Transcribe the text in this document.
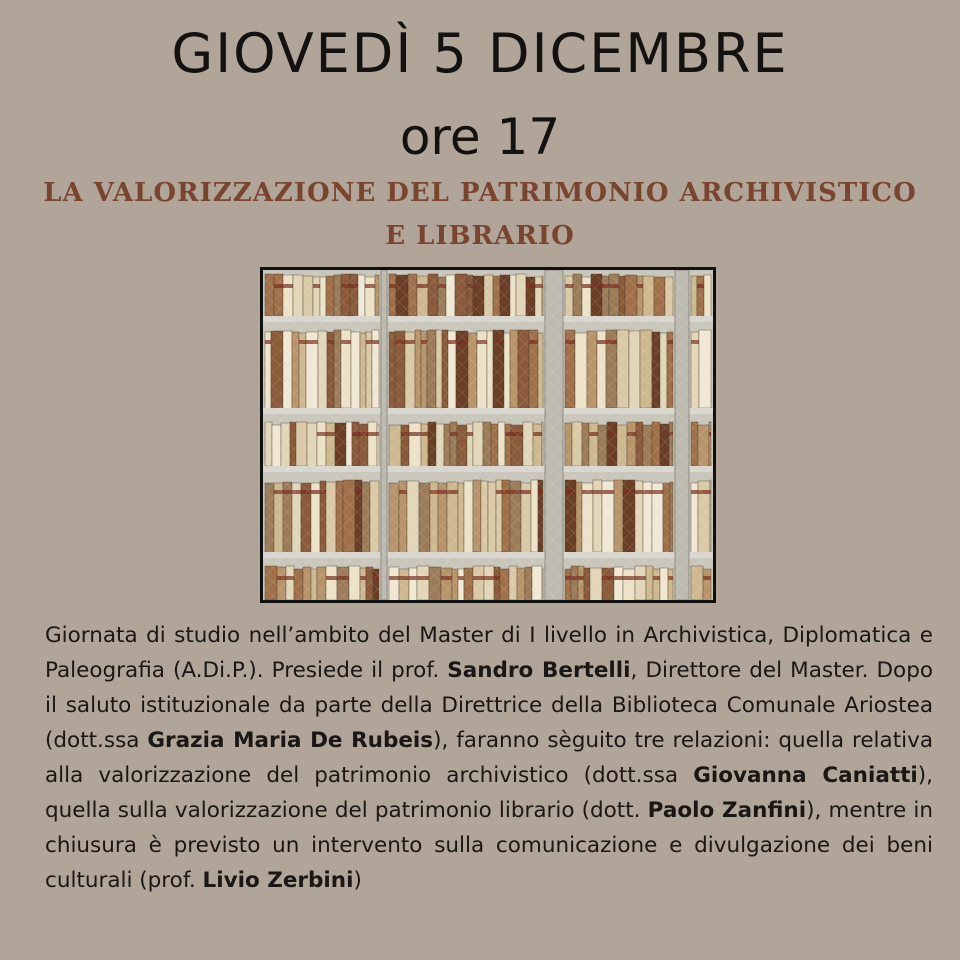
GIOVEDÌ 5 DICEMBRE
ore 17
LA VALORIZZAZIONE DEL PATRIMONIO ARCHIVISTICO E LIBRARIO
Giornata di studio nell’ambito del Master di I livello in Archivistica, Diplomatica e Paleografia (A.Di.P.). Presiede il prof. Sandro Bertelli, Direttore del Master. Dopo il saluto istituzionale da parte della Direttrice della Biblioteca Comunale Ariostea (dott.ssa Grazia Maria De Rubeis), faranno sèguito tre relazioni: quella relativa alla valorizzazione del patrimonio archivistico (dott.ssa Giovanna Caniatti), quella sulla valorizzazione del patrimonio librario (dott. Paolo Zanfini), mentre in chiusura è previsto un intervento sulla comunicazione e divulgazione dei beni culturali (prof. Livio Zerbini)
